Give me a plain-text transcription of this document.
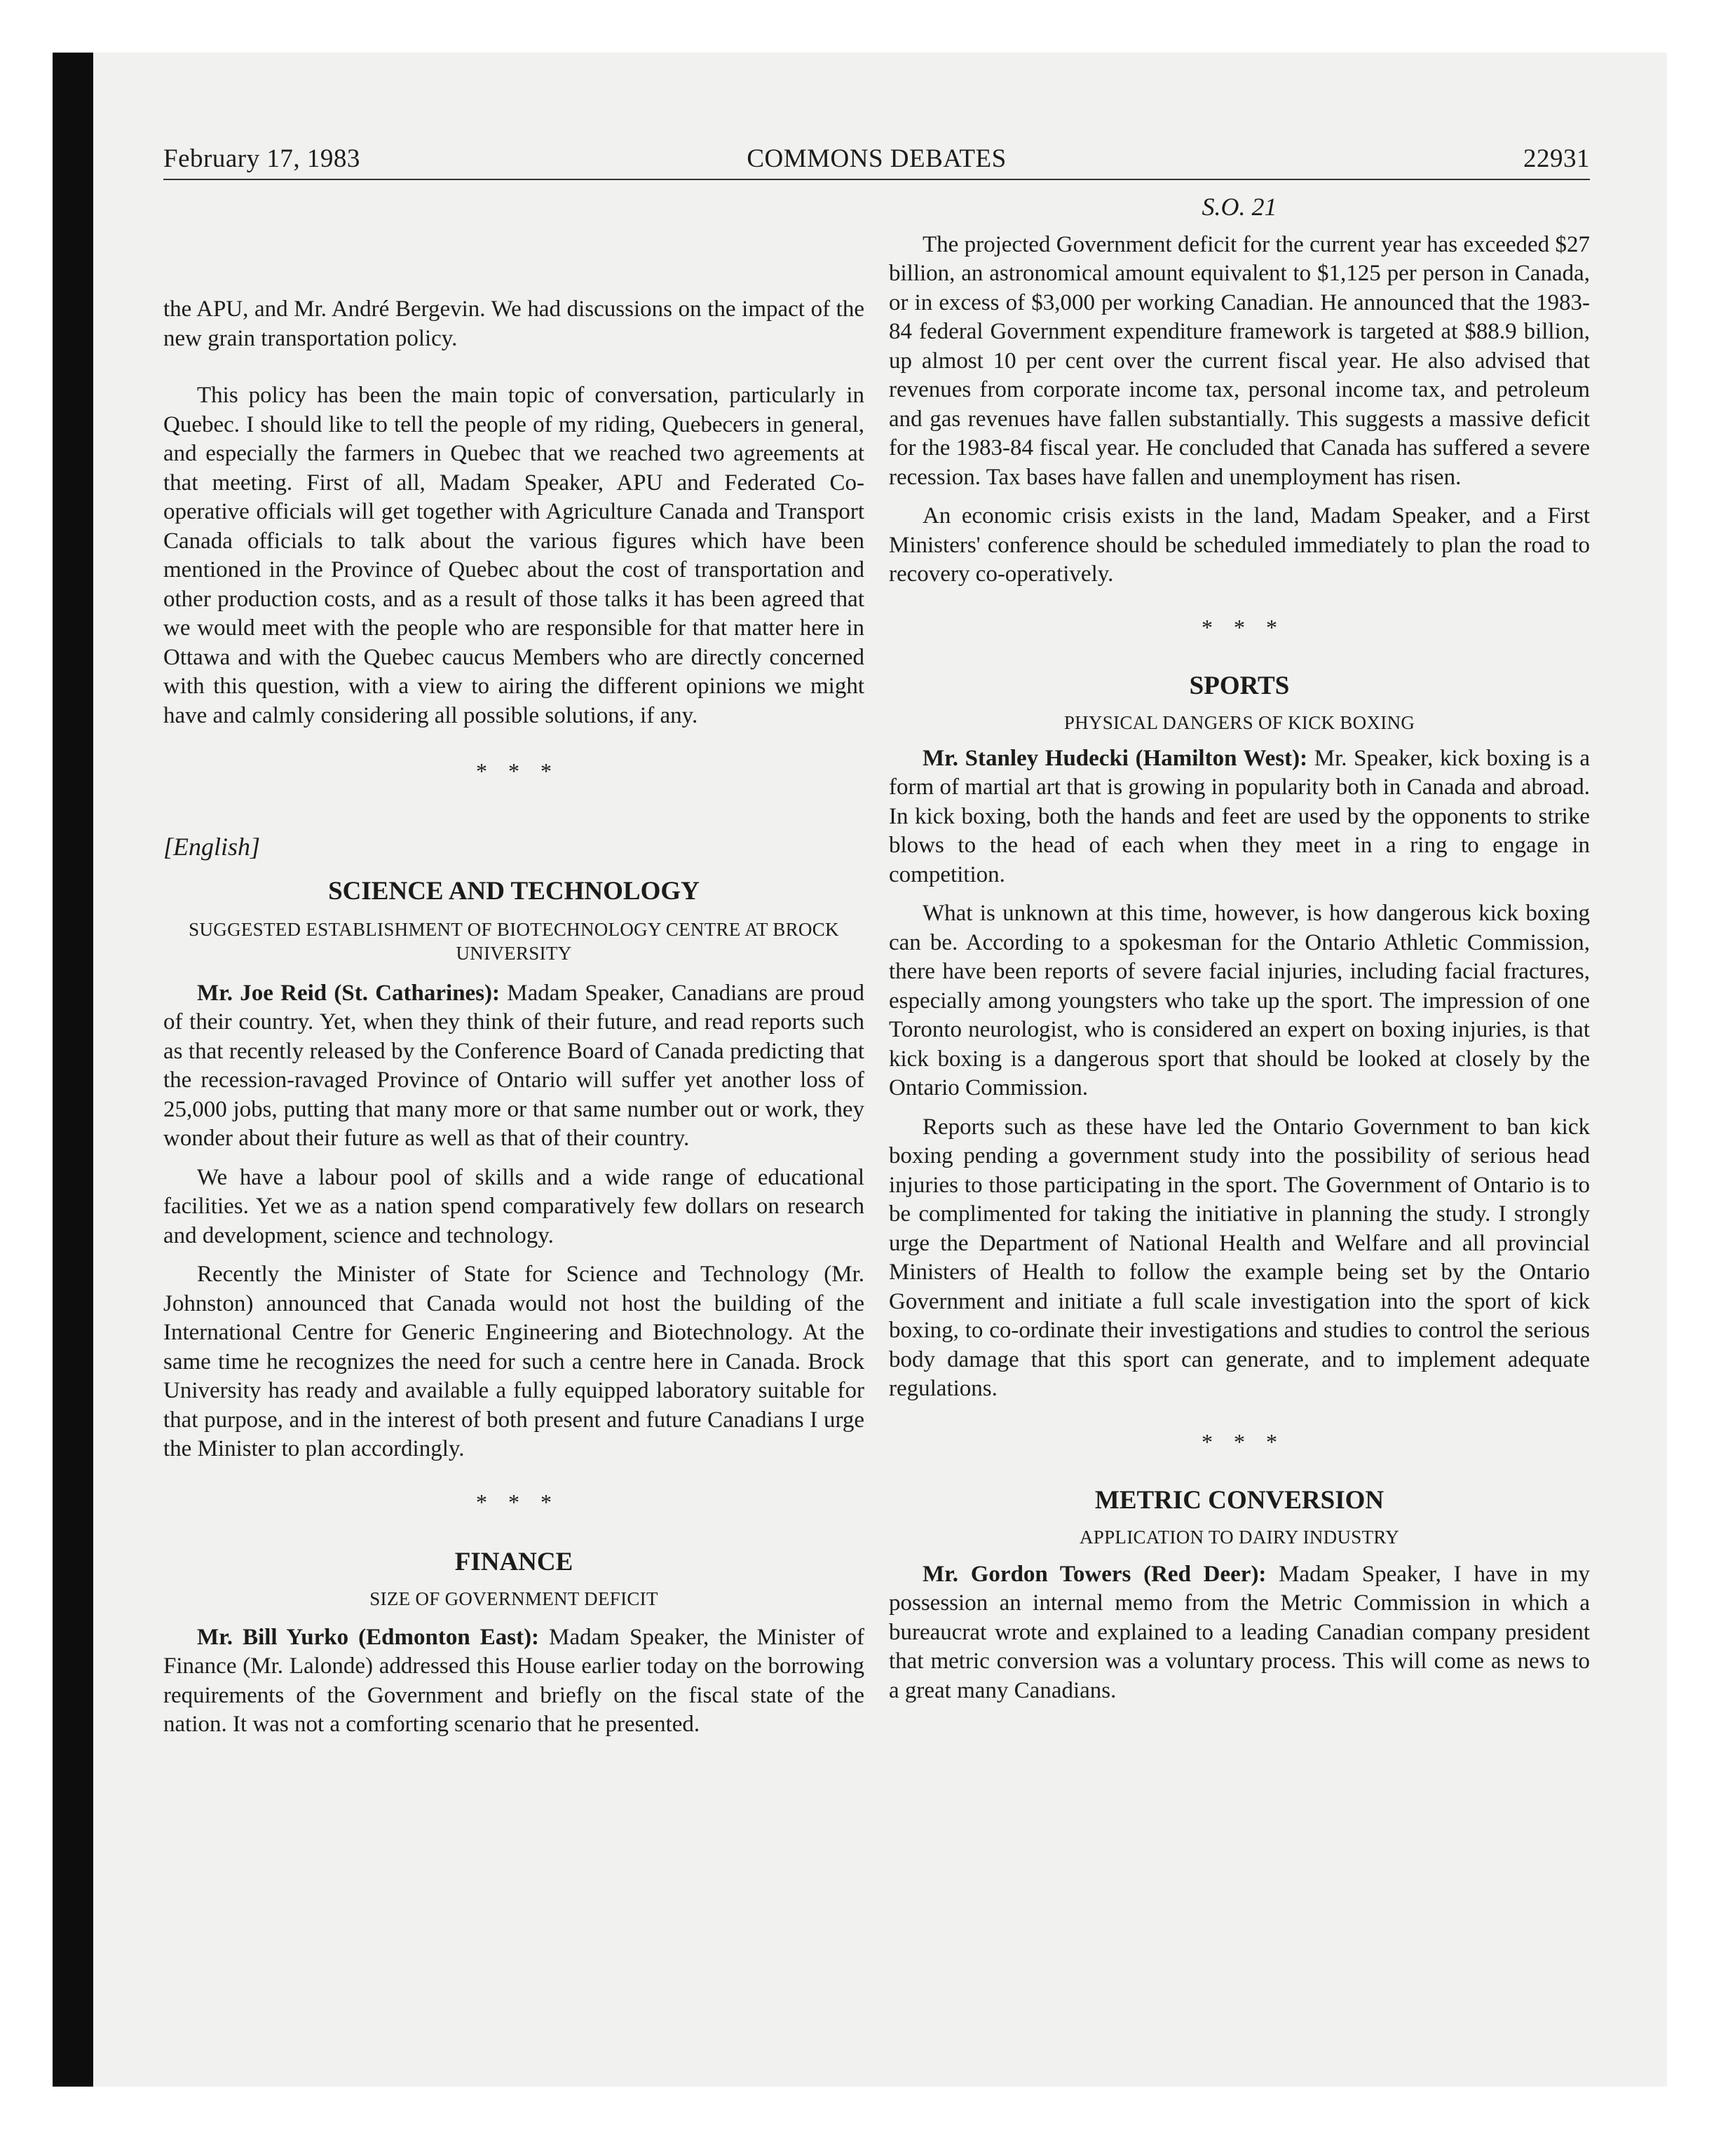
February 17, 1983	COMMONS DEBATES	22931

the APU, and Mr. André Bergevin. We had discussions on the impact of the new grain transportation policy.

This policy has been the main topic of conversation, particularly in Quebec. I should like to tell the people of my riding, Quebecers in general, and especially the farmers in Quebec that we reached two agreements at that meeting. First of all, Madam Speaker, APU and Federated Co-operative officials will get together with Agriculture Canada and Transport Canada officials to talk about the various figures which have been mentioned in the Province of Quebec about the cost of transportation and other production costs, and as a result of those talks it has been agreed that we would meet with the people who are responsible for that matter here in Ottawa and with the Quebec caucus Members who are directly concerned with this question, with a view to airing the different opinions we might have and calmly considering all possible solutions, if any.

* * *
[English]
SCIENCE AND TECHNOLOGY
SUGGESTED ESTABLISHMENT OF BIOTECHNOLOGY CENTRE AT BROCK UNIVERSITY

Mr. Joe Reid (St. Catharines): Madam Speaker, Canadians are proud of their country. Yet, when they think of their future, and read reports such as that recently released by the Conference Board of Canada predicting that the recession-ravaged Province of Ontario will suffer yet another loss of 25,000 jobs, putting that many more or that same number out or work, they wonder about their future as well as that of their country.

We have a labour pool of skills and a wide range of educational facilities. Yet we as a nation spend comparatively few dollars on research and development, science and technology.

Recently the Minister of State for Science and Technology (Mr. Johnston) announced that Canada would not host the building of the International Centre for Generic Engineering and Biotechnology. At the same time he recognizes the need for such a centre here in Canada. Brock University has ready and available a fully equipped laboratory suitable for that purpose, and in the interest of both present and future Canadians I urge the Minister to plan accordingly.

* * *
FINANCE
SIZE OF GOVERNMENT DEFICIT

Mr. Bill Yurko (Edmonton East): Madam Speaker, the Minister of Finance (Mr. Lalonde) addressed this House earlier today on the borrowing requirements of the Government and briefly on the fiscal state of the nation. It was not a comforting scenario that he presented.

S.O. 21

The projected Government deficit for the current year has exceeded $27 billion, an astronomical amount equivalent to $1,125 per person in Canada, or in excess of $3,000 per working Canadian. He announced that the 1983-84 federal Government expenditure framework is targeted at $88.9 billion, up almost 10 per cent over the current fiscal year. He also advised that revenues from corporate income tax, personal income tax, and petroleum and gas revenues have fallen substantially. This suggests a massive deficit for the 1983-84 fiscal year. He concluded that Canada has suffered a severe recession. Tax bases have fallen and unemployment has risen.

An economic crisis exists in the land, Madam Speaker, and a First Ministers' conference should be scheduled immediately to plan the road to recovery co-operatively.

* * *
SPORTS
PHYSICAL DANGERS OF KICK BOXING

Mr. Stanley Hudecki (Hamilton West): Mr. Speaker, kick boxing is a form of martial art that is growing in popularity both in Canada and abroad. In kick boxing, both the hands and feet are used by the opponents to strike blows to the head of each when they meet in a ring to engage in competition.

What is unknown at this time, however, is how dangerous kick boxing can be. According to a spokesman for the Ontario Athletic Commission, there have been reports of severe facial injuries, including facial fractures, especially among youngsters who take up the sport. The impression of one Toronto neurologist, who is considered an expert on boxing injuries, is that kick boxing is a dangerous sport that should be looked at closely by the Ontario Commission.

Reports such as these have led the Ontario Government to ban kick boxing pending a government study into the possibility of serious head injuries to those participating in the sport. The Government of Ontario is to be complimented for taking the initiative in planning the study. I strongly urge the Department of National Health and Welfare and all provincial Ministers of Health to follow the example being set by the Ontario Government and initiate a full scale investigation into the sport of kick boxing, to co-ordinate their investigations and studies to control the serious body damage that this sport can generate, and to implement adequate regulations.

* * *
METRIC CONVERSION
APPLICATION TO DAIRY INDUSTRY

Mr. Gordon Towers (Red Deer): Madam Speaker, I have in my possession an internal memo from the Metric Commission in which a bureaucrat wrote and explained to a leading Canadian company president that metric conversion was a voluntary process. This will come as news to a great many Canadians.
